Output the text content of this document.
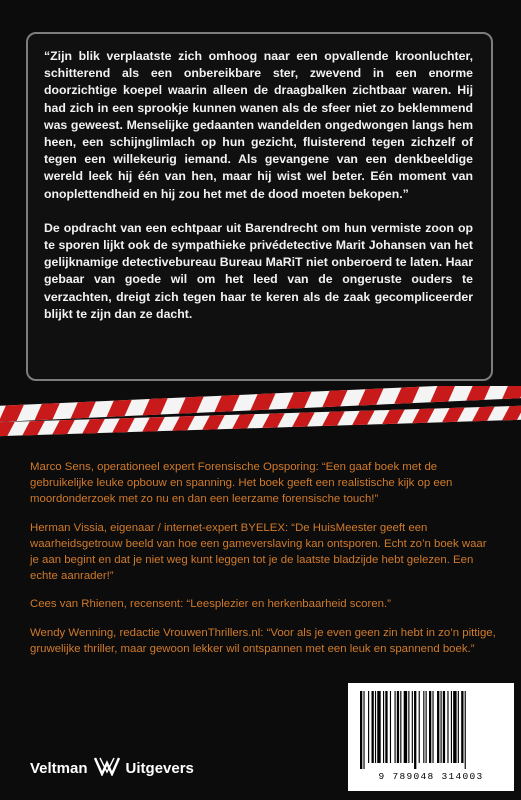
“Zijn blik verplaatste zich omhoog naar een opvallende kroonluchter, schitterend als een onbereikbare ster, zwevend in een enorme doorzichtige koepel waarin alleen de draagbalken zichtbaar waren. Hij had zich in een sprookje kunnen wanen als de sfeer niet zo beklemmend was geweest. Menselijke gedaanten wandelden ongedwongen langs hem heen, een schijnglimlach op hun gezicht, fluisterend tegen zichzelf of tegen een willekeurig iemand. Als gevangene van een denkbeeldige wereld leek hij één van hen, maar hij wist wel beter. Eén moment van onoplettendheid en hij zou het met de dood moeten bekopen.”

De opdracht van een echtpaar uit Barendrecht om hun vermiste zoon op te sporen lijkt ook de sympathieke privédetective Marit Johansen van het gelijknamige detectivebureau Bureau MaRiT niet onberoerd te laten. Haar gebaar van goede wil om het leed van de ongeruste ouders te verzachten, dreigt zich tegen haar te keren als de zaak gecompliceerder blijkt te zijn dan ze dacht.

Marco Sens, operationeel expert Forensische Opsporing: “Een gaaf boek met de gebruikelijke leuke opbouw en spanning. Het boek geeft een realistische kijk op een moordonderzoek met zo nu en dan een leerzame forensische touch!”

Herman Vissia, eigenaar / internet-expert BYELEX: “De HuisMeester geeft een waarheidsgetrouw beeld van hoe een gameverslaving kan ontsporen. Echt zo’n boek waar je aan begint en dat je niet weg kunt leggen tot je de laatste bladzijde hebt gelezen. Een echte aanrader!”

Cees van Rhienen, recensent: “Leesplezier en herkenbaarheid scoren.”

Wendy Wenning, redactie VrouwenThrillers.nl: “Voor als je even geen zin hebt in zo’n pittige, gruwelijke thriller, maar gewoon lekker wil ontspannen met een leuk en spannend boek.”

Veltman	Uitgevers	9 789048 314003
